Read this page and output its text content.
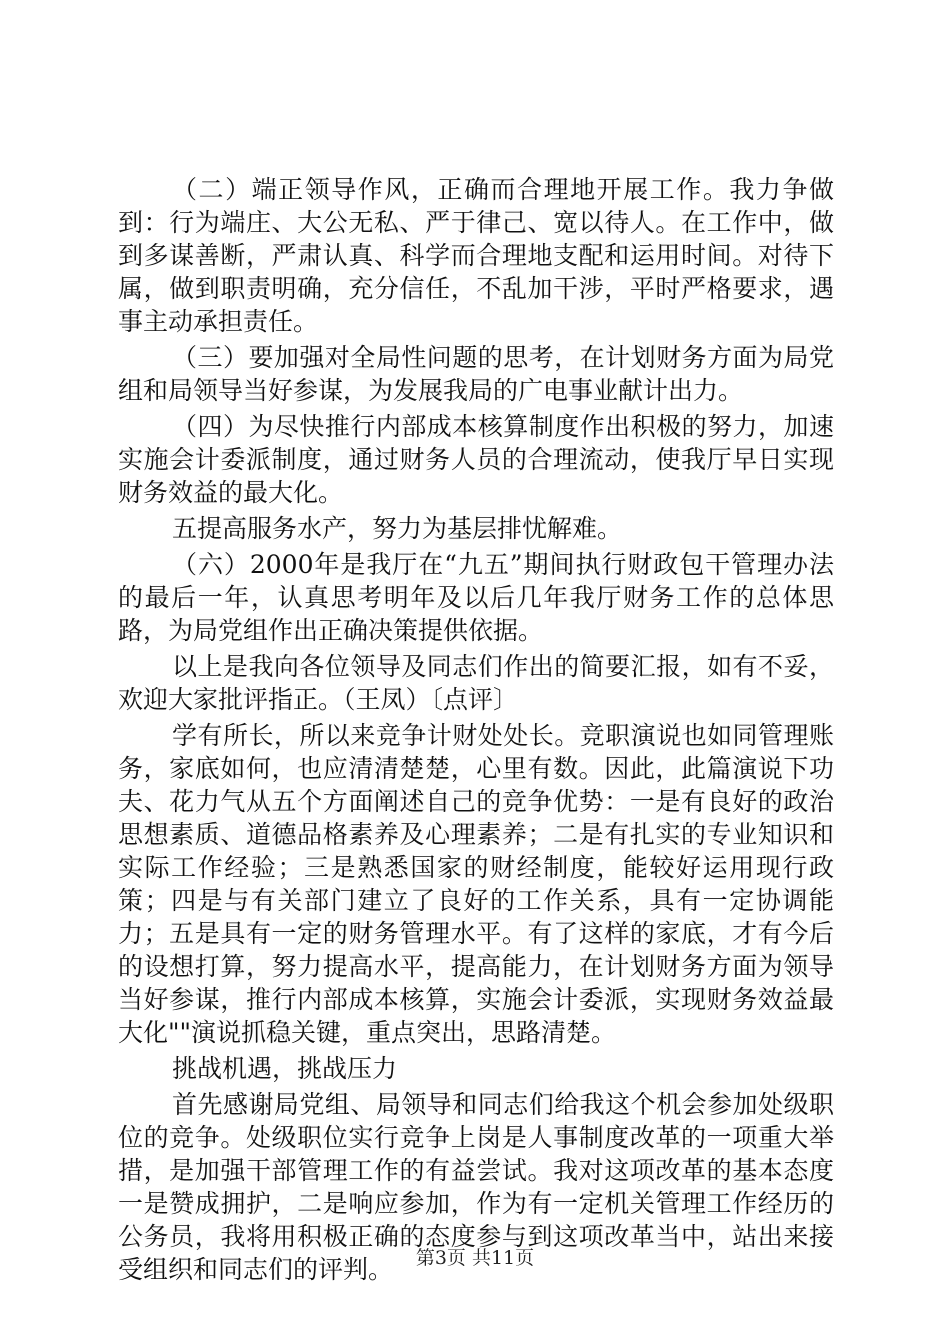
（二）端正领导作风，正确而合理地开展工作。我力争做到：行为端庄、大公无私、严于律己、宽以待人。在工作中，做到多谋善断，严肃认真、科学而合理地支配和运用时间。对待下属，做到职责明确，充分信任，不乱加干涉，平时严格要求，遇事主动承担责任。

（三）要加强对全局性问题的思考，在计划财务方面为局党组和局领导当好参谋，为发展我局的广电事业献计出力。

（四）为尽快推行内部成本核算制度作出积极的努力，加速实施会计委派制度，通过财务人员的合理流动，使我厅早日实现财务效益的最大化。

五提高服务水产，努力为基层排忧解难。

（六）2000年是我厅在“九五”期间执行财政包干管理办法的最后一年，认真思考明年及以后几年我厅财务工作的总体思路，为局党组作出正确决策提供依据。

以上是我向各位领导及同志们作出的简要汇报，如有不妥，欢迎大家批评指正。（王凤）〔点评〕

学有所长，所以来竞争计财处处长。竞职演说也如同管理账务，家底如何，也应清清楚楚，心里有数。因此，此篇演说下功夫、花力气从五个方面阐述自己的竞争优势：一是有良好的政治思想素质、道德品格素养及心理素养；二是有扎实的专业知识和实际工作经验；三是熟悉国家的财经制度，能较好运用现行政策；四是与有关部门建立了良好的工作关系，具有一定协调能力；五是具有一定的财务管理水平。有了这样的家底，才有今后的设想打算，努力提高水平，提高能力，在计划财务方面为领导当好参谋，推行内部成本核算，实施会计委派，实现财务效益最大化""演说抓稳关键，重点突出，思路清楚。

挑战机遇，挑战压力

首先感谢局党组、局领导和同志们给我这个机会参加处级职位的竞争。处级职位实行竞争上岗是人事制度改革的一项重大举措，是加强干部管理工作的有益尝试。我对这项改革的基本态度一是赞成拥护，二是响应参加，作为有一定机关管理工作经历的公务员，我将用积极正确的态度参与到这项改革当中，站出来接受组织和同志们的评判。	第3页 共11页
